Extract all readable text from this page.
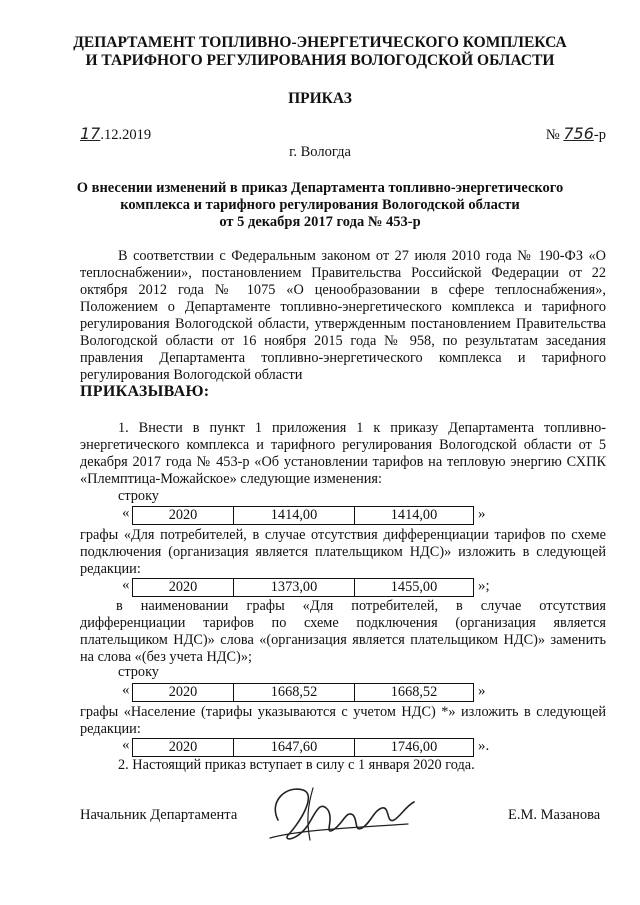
ДЕПАРТАМЕНТ ТОПЛИВНО-ЭНЕРГЕТИЧЕСКОГО КОМПЛЕКСА
И ТАРИФНОГО РЕГУЛИРОВАНИЯ ВОЛОГОДСКОЙ ОБЛАСТИ
ПРИКАЗ
17.12.2019	№ 756-р
г. Вологда
О внесении изменений в приказ Департамента топливно-энергетического
комплекса и тарифного регулирования Вологодской области
от 5 декабря 2017 года № 453-р
В соответствии с Федеральным законом от 27 июля 2010 года № 190-ФЗ «О теплоснабжении», постановлением Правительства Российской Федерации от 22 октября 2012 года № 1075 «О ценообразовании в сфере теплоснабжения», Положением о Департаменте топливно-энергетического комплекса и тарифного регулирования Вологодской области, утвержденным постановлением Правительства Вологодской области от 16 ноября 2015 года № 958, по результатам заседания правления Департамента топливно-энергетического комплекса и тарифного регулирования Вологодской области
ПРИКАЗЫВАЮ:
1. Внести в пункт 1 приложения 1 к приказу Департамента топливно-энергетического комплекса и тарифного регулирования Вологодской области от 5 декабря 2017 года № 453-р «Об установлении тарифов на тепловую энергию СХПК «Племптица-Можайское» следующие изменения:
строку
«	2020	1414,00	1414,00	»
графы «Для потребителей, в случае отсутствия дифференциации тарифов по схеме подключения (организация является плательщиком НДС)» изложить в следующей редакции:
«	2020	1373,00	1455,00	»;
в наименовании графы «Для потребителей, в случае отсутствия дифференциации тарифов по схеме подключения (организация является плательщиком НДС)» слова «(организация является плательщиком НДС)» заменить на слова «(без учета НДС)»;
строку
«	2020	1668,52	1668,52	»
графы «Население (тарифы указываются с учетом НДС) *» изложить в следующей редакции:
«	2020	1647,60	1746,00	».
2. Настоящий приказ вступает в силу с 1 января 2020 года.
Начальник Департамента	Е.М. Мазанова
